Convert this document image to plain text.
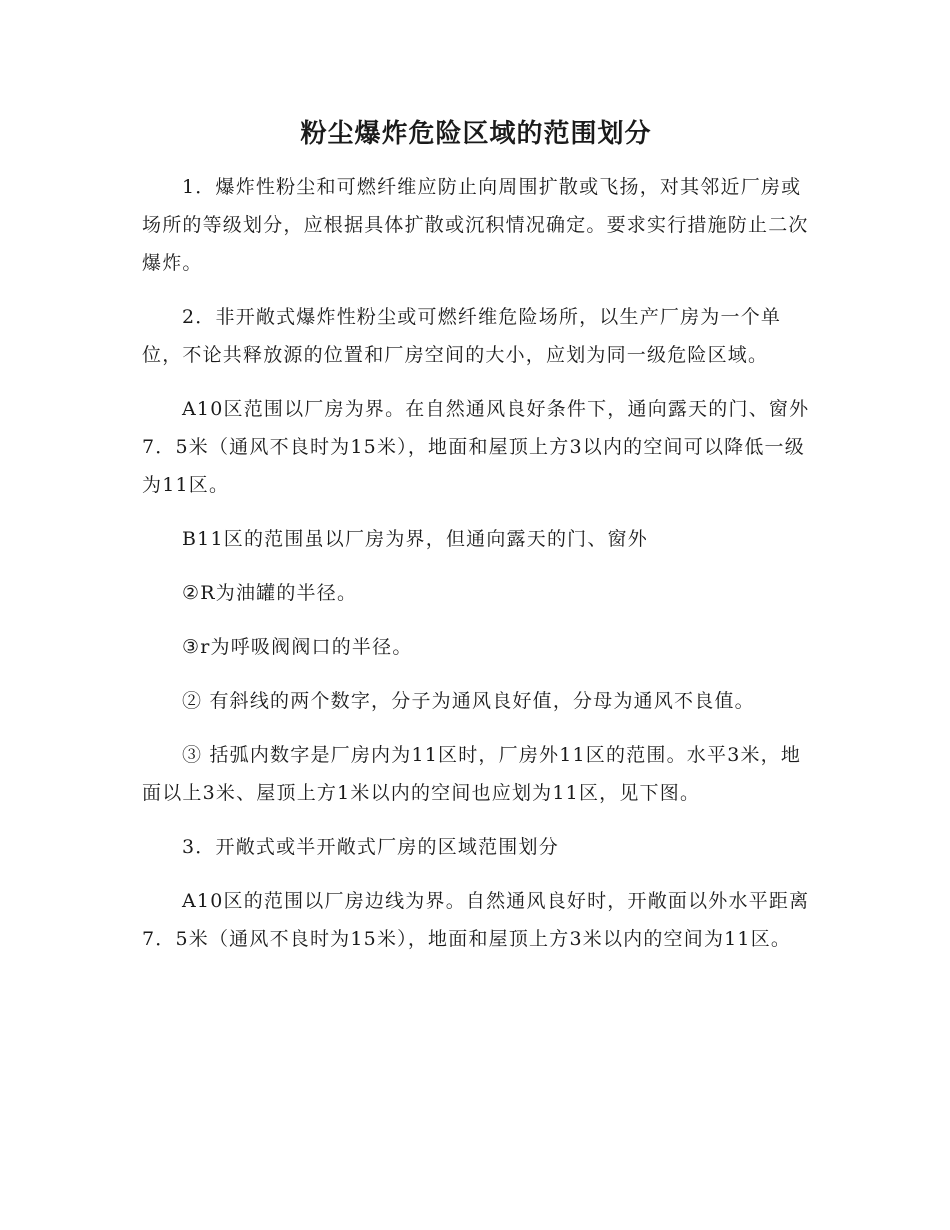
粉尘爆炸危险区域的范围划分

1．爆炸性粉尘和可燃纤维应防止向周围扩散或飞扬，对其邻近厂房或场所的等级划分，应根据具体扩散或沉积情况确定。要求实行措施防止二次爆炸。

2．非开敞式爆炸性粉尘或可燃纤维危险场所，以生产厂房为一个单位，不论共释放源的位置和厂房空间的大小，应划为同一级危险区域。

A10区范围以厂房为界。在自然通风良好条件下，通向露天的门、窗外7．5米（通风不良时为15米），地面和屋顶上方3以内的空间可以降低一级为11区。

B11区的范围虽以厂房为界，但通向露天的门、窗外

②R为油罐的半径。

③r为呼吸阀阀口的半径。

② 有斜线的两个数字，分子为通风良好值，分母为通风不良值。

③ 括弧内数字是厂房内为11区时，厂房外11区的范围。水平3米，地面以上3米、屋顶上方1米以内的空间也应划为11区，见下图。

3．开敞式或半开敞式厂房的区域范围划分

A10区的范围以厂房边线为界。自然通风良好时，开敞面以外水平距离7．5米（通风不良时为15米），地面和屋顶上方3米以内的空间为11区。
